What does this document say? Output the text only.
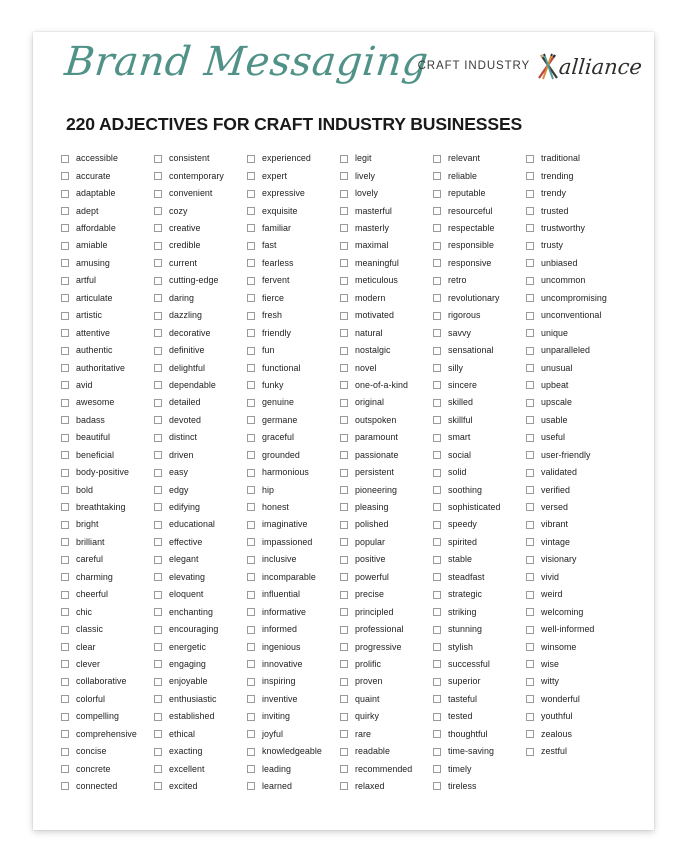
Brand Messaging
CRAFT INDUSTRY alliance
220 ADJECTIVES FOR CRAFT INDUSTRY BUSINESSES
accessible
accurate
adaptable
adept
affordable
amiable
amusing
artful
articulate
artistic
attentive
authentic
authoritative
avid
awesome
badass
beautiful
beneficial
body-positive
bold
breathtaking
bright
brilliant
careful
charming
cheerful
chic
classic
clear
clever
collaborative
colorful
compelling
comprehensive
concise
concrete
connected
consistent
contemporary
convenient
cozy
creative
credible
current
cutting-edge
daring
dazzling
decorative
definitive
delightful
dependable
detailed
devoted
distinct
driven
easy
edgy
edifying
educational
effective
elegant
elevating
eloquent
enchanting
encouraging
energetic
engaging
enjoyable
enthusiastic
established
ethical
exacting
excellent
excited
experienced
expert
expressive
exquisite
familiar
fast
fearless
fervent
fierce
fresh
friendly
fun
functional
funky
genuine
germane
graceful
grounded
harmonious
hip
honest
imaginative
impassioned
inclusive
incomparable
influential
informative
informed
ingenious
innovative
inspiring
inventive
inviting
joyful
knowledgeable
leading
learned
legit
lively
lovely
masterful
masterly
maximal
meaningful
meticulous
modern
motivated
natural
nostalgic
novel
one-of-a-kind
original
outspoken
paramount
passionate
persistent
pioneering
pleasing
polished
popular
positive
powerful
precise
principled
professional
progressive
prolific
proven
quaint
quirky
rare
readable
recommended
relaxed
relevant
reliable
reputable
resourceful
respectable
responsible
responsive
retro
revolutionary
rigorous
savvy
sensational
silly
sincere
skilled
skillful
smart
social
solid
soothing
sophisticated
speedy
spirited
stable
steadfast
strategic
striking
stunning
stylish
successful
superior
tasteful
tested
thoughtful
time-saving
timely
tireless
traditional
trending
trendy
trusted
trustworthy
trusty
unbiased
uncommon
uncompromising
unconventional
unique
unparalleled
unusual
upbeat
upscale
usable
useful
user-friendly
validated
verified
versed
vibrant
vintage
visionary
vivid
weird
welcoming
well-informed
winsome
wise
witty
wonderful
youthful
zealous
zestful
